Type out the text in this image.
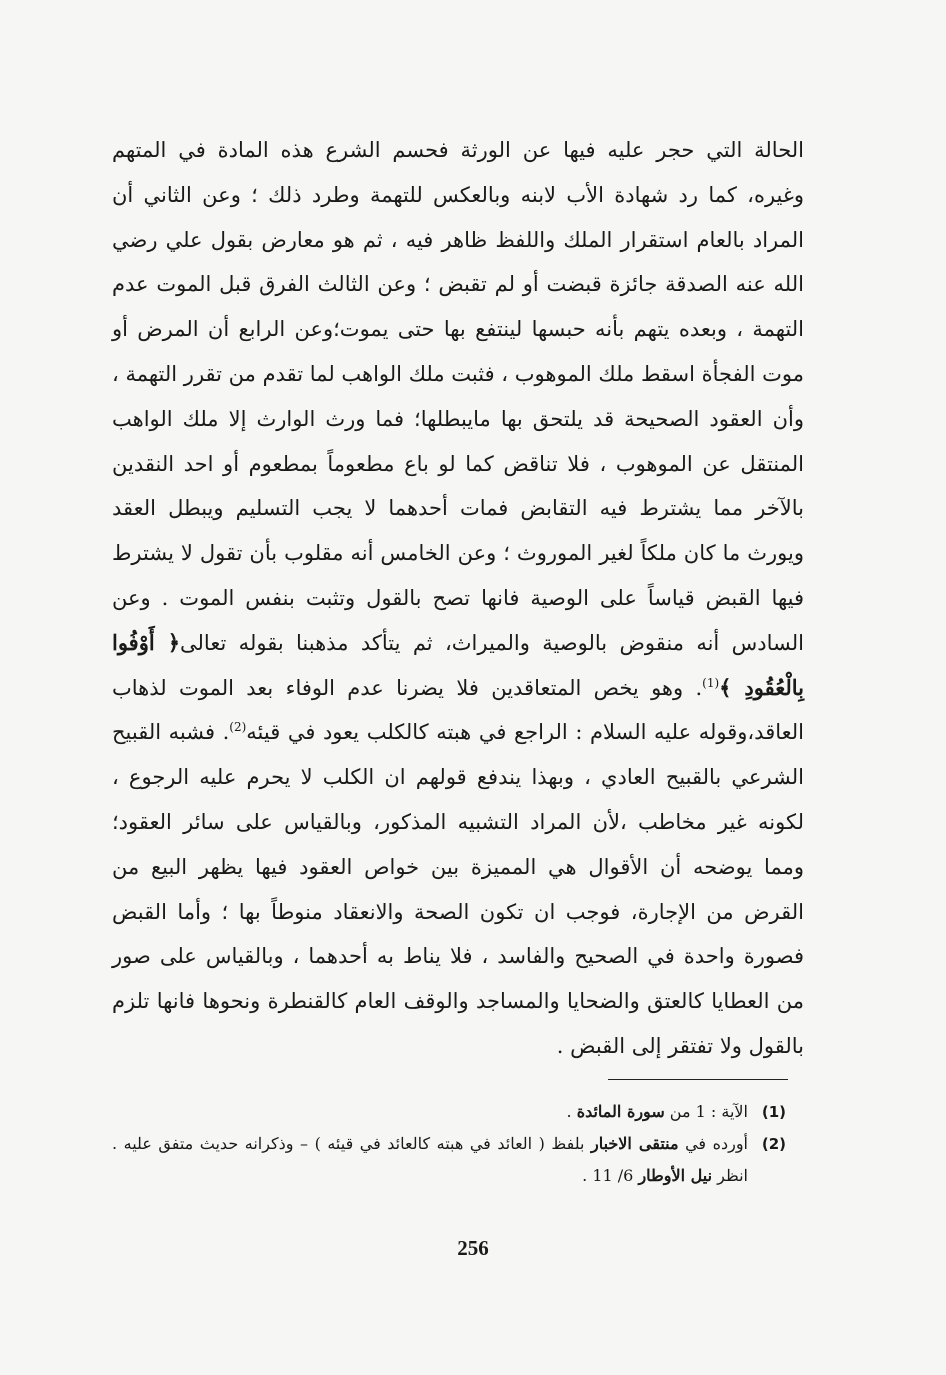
الحالة التي حجر عليه فيها عن الورثة فحسم الشرع هذه المادة في المتهم وغيره، كما رد شهادة الأب لابنه وبالعكس للتهمة وطرد ذلك ؛ وعن الثاني أن المراد بالعام استقرار الملك واللفظ ظاهر فيه ، ثم هو معارض بقول علي رضي الله عنه الصدقة جائزة قبضت أو لم تقبض ؛ وعن الثالث الفرق قبل الموت عدم التهمة ، وبعده يتهم بأنه حبسها لينتفع بها حتى يموت؛وعن الرابع أن المرض أو موت الفجأة اسقط ملك الموهوب ، فثبت ملك الواهب لما تقدم من تقرر التهمة ، وأن العقود الصحيحة قد يلتحق بها مايبطلها؛ فما ورث الوارث إلا ملك الواهب المنتقل عن الموهوب ، فلا تناقض كما لو باع مطعوماً بمطعوم أو احد النقدين بالآخر مما يشترط فيه التقابض فمات أحدهما لا يجب التسليم ويبطل العقد ويورث ما كان ملكاً لغير الموروث ؛ وعن الخامس أنه مقلوب بأن تقول لا يشترط فيها القبض قياساً على الوصية فانها تصح بالقول وتثبت بنفس الموت . وعن السادس أنه منقوض بالوصية والميراث، ثم يتأكد مذهبنا بقوله تعالى﴿ أَوْفُوا بِالْعُقُودِ ﴾$^{(1)}$. وهو يخص المتعاقدين فلا يضرنا عدم الوفاء بعد الموت لذهاب العاقد،وقوله عليه السلام : الراجع في هبته كالكلب يعود في قيئه$^{(2)}$. فشبه القبيح الشرعي بالقبيح العادي ، وبهذا يندفع قولهم ان الكلب لا يحرم عليه الرجوع ، لكونه غير مخاطب ،لأن المراد التشبيه المذكور، وبالقياس على سائر العقود؛ ومما يوضحه أن الأقوال هي المميزة بين خواص العقود فيها يظهر البيع من القرض من الإجارة، فوجب ان تكون الصحة والانعقاد منوطاً بها ؛ وأما القبض فصورة واحدة في الصحيح والفاسد ، فلا يناط به أحدهما ، وبالقياس على صور من العطايا كالعتق والضحايا والمساجد والوقف العام كالقنطرة ونحوها فانها تلزم بالقول ولا تفتقر إلى القبض .

(1)
الآية : 1 من سورة المائدة .
(2)
أورده في منتقى الاخبار بلفظ ( العائد في هبته كالعائد في قيئه ) – وذكرانه حديث متفق عليه . انظر نيل الأوطار 6/ 11 .
256
